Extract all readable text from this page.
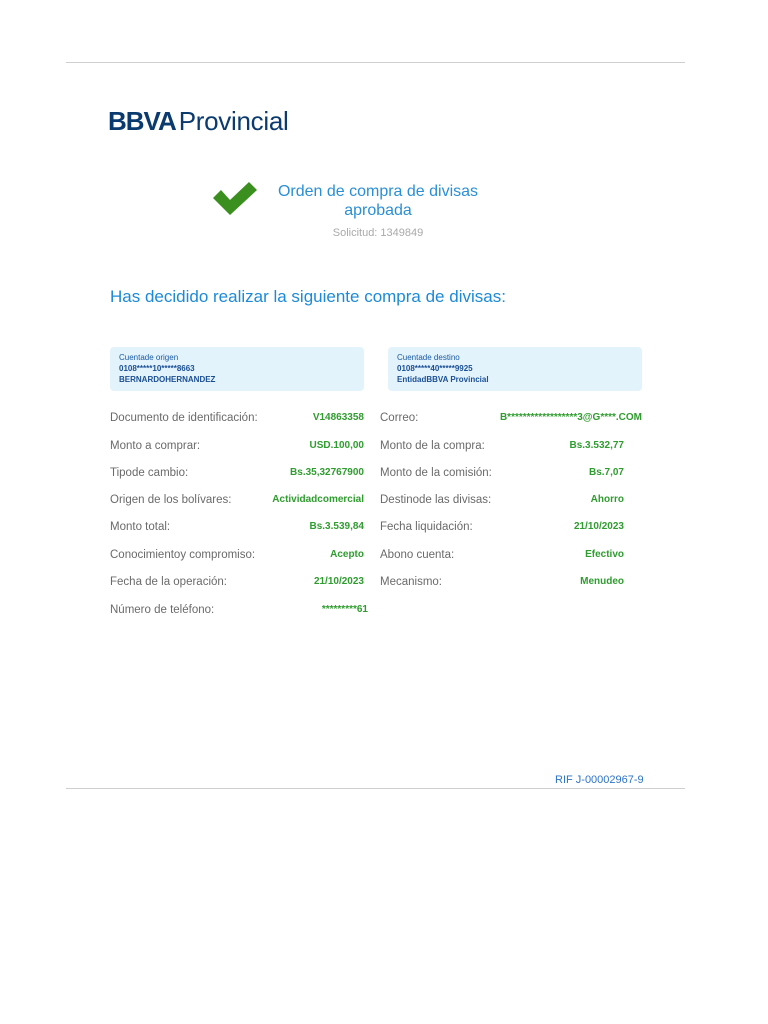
BBVA Provincial
Orden de compra de divisas aprobada
Solicitud: 1349849
Has decidido realizar la siguiente compra de divisas:
Cuentade origen
0108*****10*****8663
BERNARDOHERNANDEZ
Cuentade destino
0108*****40*****9925
EntidadBBVA Provincial
Documento de identificación:	V14863358
Monto a comprar:	USD.100,00
Tipode cambio:	Bs.35,32767900
Origen de los bolívares:	Actividadcomercial
Monto total:	Bs.3.539,84
Conocimientoy compromiso:	Acepto
Fecha de la operación:	21/10/2023
Número de teléfono:	*********61
Correo:	B******************3@G****.COM
Monto de la compra:	Bs.3.532,77
Monto de la comisión:	Bs.7,07
Destinode las divisas:	Ahorro
Fecha liquidación:	21/10/2023
Abono cuenta:	Efectivo
Mecanismo:	Menudeo
RIF J-00002967-9
